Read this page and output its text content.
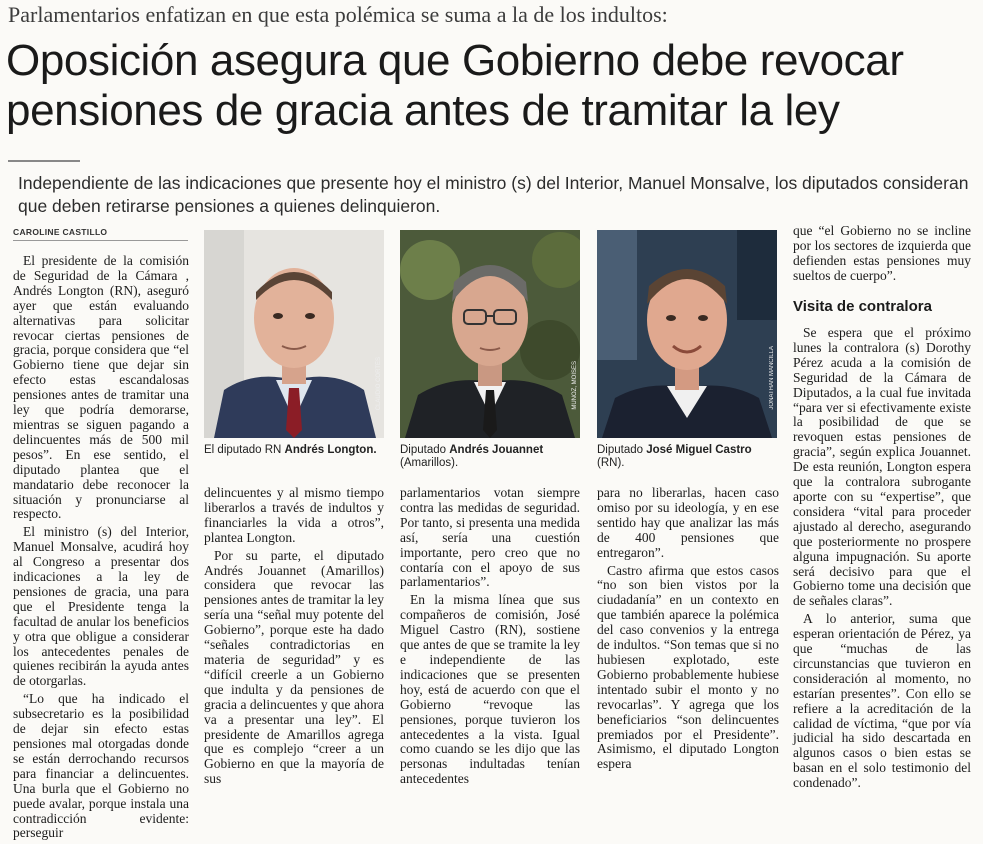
Parlamentarios enfatizan en que esta polémica se suma a la de los indultos:
Oposición asegura que Gobierno debe revocar
pensiones de gracia antes de tramitar la ley
Independiente de las indicaciones que presente hoy el ministro (s) del Interior, Manuel Monsalve, los diputados consideran que deben retirarse pensiones a quienes delinquieron.
CAROLINE CASTILLO

El presidente de la comisión de Seguridad de la Cámara , Andrés Longton (RN), aseguró ayer que están evaluando alternativas para solicitar revocar ciertas pensiones de gracia, porque considera que “el Gobierno tiene que dejar sin efecto estas escandalosas pensiones antes de tramitar una ley que podría demorarse, mientras se siguen pagando a delincuentes más de 500 mil pesos”. En ese sentido, el diputado plantea que el mandatario debe reconocer la situación y pronunciarse al respecto.

El ministro (s) del Interior, Manuel Monsalve, acudirá hoy al Congreso a presentar dos indicaciones a la ley de pensiones de gracia, una para que el Presidente tenga la facultad de anular los beneficios y otra que obligue a considerar los antecedentes penales de quienes recibirán la ayuda antes de otorgarlas.

“Lo que ha indicado el subsecretario es la posibilidad de dejar sin efecto estas pensiones mal otorgadas donde se están derrochando recursos para financiar a delincuentes. Una burla que el Gobierno no puede avalar, porque instala una contradicción evidente: perseguir

CLAUDIO CORTÉS
El diputado RN Andrés Longton.
MUÑOZ, MOISÉS
Diputado Andrés Jouannet (Amarillos).
JONATHAN MANCILLA
Diputado José Miguel Castro (RN).

delincuentes y al mismo tiempo liberarlos a través de indultos y financiarles la vida a otros”, plantea Longton.

Por su parte, el diputado Andrés Jouannet (Amarillos) considera que revocar las pensiones antes de tramitar la ley sería una “señal muy potente del Gobierno”, porque este ha dado “señales contradictorias en materia de seguridad” y es “difícil creerle a un Gobierno que indulta y da pensiones de gracia a delincuentes y que ahora va a presentar una ley”. El presidente de Amarillos agrega que es complejo “creer a un Gobierno en que la mayoría de sus

parlamentarios votan siempre contra las medidas de seguridad. Por tanto, si presenta una medida así, sería una cuestión importante, pero creo que no contaría con el apoyo de sus parlamentarios”.

En la misma línea que sus compañeros de comisión, José Miguel Castro (RN), sostiene que antes de que se tramite la ley e independiente de las indicaciones que se presenten hoy, está de acuerdo con que el Gobierno “revoque las pensiones, porque tuvieron los antecedentes a la vista. Igual como cuando se les dijo que las personas indultadas tenían antecedentes

para no liberarlas, hacen caso omiso por su ideología, y en ese sentido hay que analizar las más de 400 pensiones que entregaron”.

Castro afirma que estos casos “no son bien vistos por la ciudadanía” en un contexto en que también aparece la polémica del caso convenios y la entrega de indultos. “Son temas que si no hubiesen explotado, este Gobierno probablemente hubiese intentado subir el monto y no revocarlas”. Y agrega que los beneficiarios “son delincuentes premiados por el Presidente”. Asimismo, el diputado Longton espera

que “el Gobierno no se incline por los sectores de izquierda que defienden estas pensiones muy sueltos de cuerpo”.

Visita de contralora

Se espera que el próximo lunes la contralora (s) Dorothy Pérez acuda a la comisión de Seguridad de la Cámara de Diputados, a la cual fue invitada “para ver si efectivamente existe la posibilidad de que se revoquen estas pensiones de gracia”, según explica Jouannet. De esta reunión, Longton espera que la contralora subrogante aporte con su “expertise”, que considera “vital para proceder ajustado al derecho, asegurando que posteriormente no prospere alguna impugnación. Su aporte será decisivo para que el Gobierno tome una decisión que de señales claras”.

A lo anterior, suma que esperan orientación de Pérez, ya que “muchas de las circunstancias que tuvieron en consideración al momento, no estarían presentes”. Con ello se refiere a la acreditación de la calidad de víctima, “que por vía judicial ha sido descartada en algunos casos o bien estas se basan en el solo testimonio del condenado”.
